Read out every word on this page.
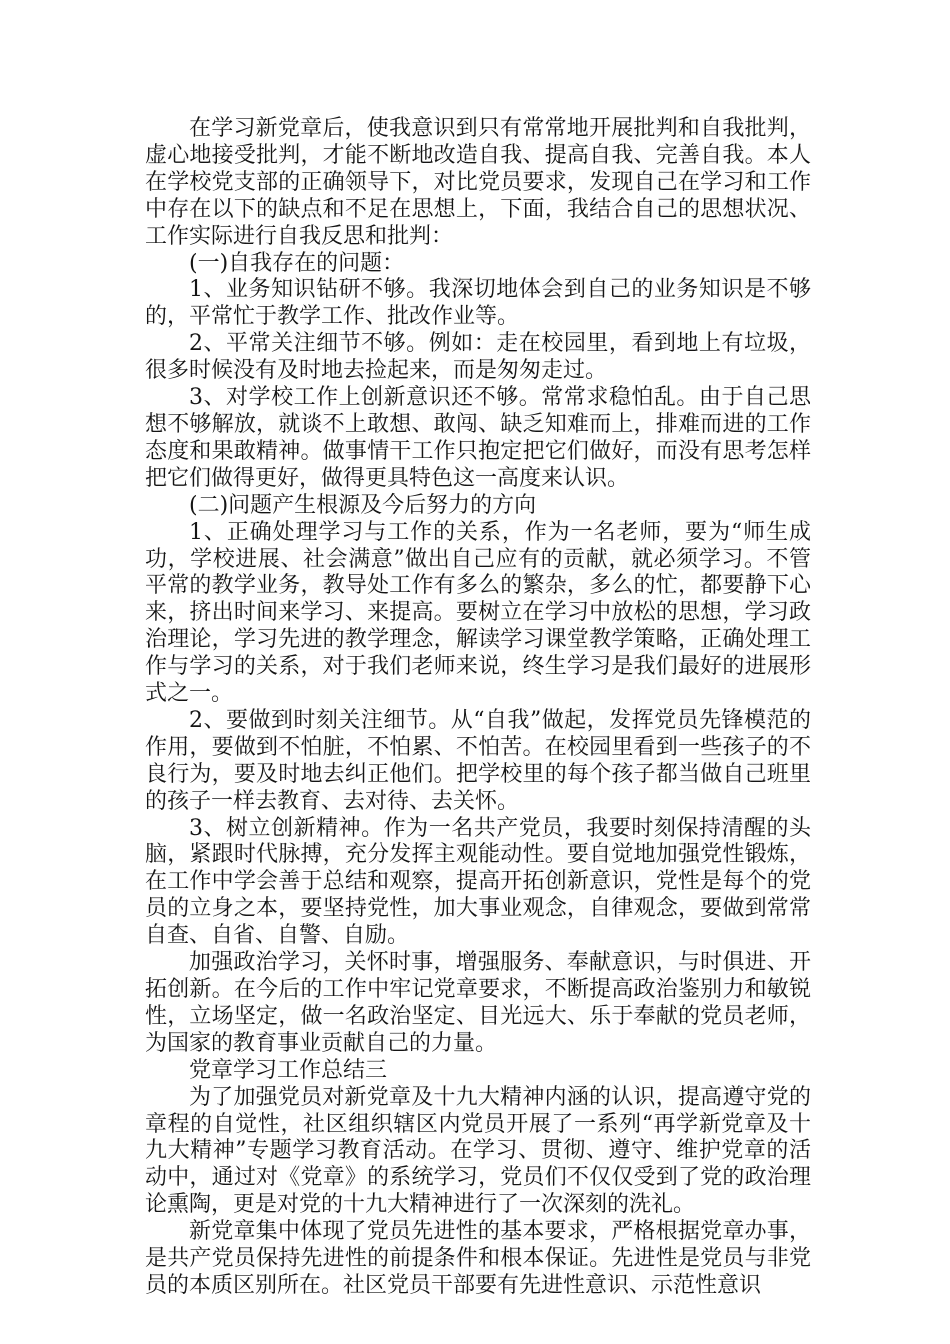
在学习新党章后，使我意识到只有常常地开展批判和自我批判，虚心地接受批判，才能不断地改造自我、提高自我、完善自我。本人在学校党支部的正确领导下，对比党员要求，发现自己在学习和工作中存在以下的缺点和不足在思想上，下面，我结合自己的思想状况、工作实际进行自我反思和批判：

(一)自我存在的问题：

1、业务知识钻研不够。我深切地体会到自己的业务知识是不够的，平常忙于教学工作、批改作业等。

2、平常关注细节不够。例如：走在校园里，看到地上有垃圾，很多时候没有及时地去捡起来，而是匆匆走过。

3、对学校工作上创新意识还不够。常常求稳怕乱。由于自己思想不够解放，就谈不上敢想、敢闯、缺乏知难而上，排难而进的工作态度和果敢精神。做事情干工作只抱定把它们做好，而没有思考怎样把它们做得更好，做得更具特色这一高度来认识。

(二)问题产生根源及今后努力的方向

1、正确处理学习与工作的关系，作为一名老师，要为“师生成功，学校进展、社会满意”做出自己应有的贡献，就必须学习。不管平常的教学业务，教导处工作有多么的繁杂，多么的忙，都要静下心来，挤出时间来学习、来提高。要树立在学习中放松的思想，学习政治理论，学习先进的教学理念，解读学习课堂教学策略，正确处理工作与学习的关系，对于我们老师来说，终生学习是我们最好的进展形式之一。

2、要做到时刻关注细节。从“自我”做起，发挥党员先锋模范的作用，要做到不怕脏，不怕累、不怕苦。在校园里看到一些孩子的不良行为，要及时地去纠正他们。把学校里的每个孩子都当做自己班里的孩子一样去教育、去对待、去关怀。

3、树立创新精神。作为一名共产党员，我要时刻保持清醒的头脑，紧跟时代脉搏，充分发挥主观能动性。要自觉地加强党性锻炼，在工作中学会善于总结和观察，提高开拓创新意识，党性是每个的党员的立身之本，要坚持党性，加大事业观念，自律观念，要做到常常自查、自省、自警、自励。

加强政治学习，关怀时事，增强服务、奉献意识，与时俱进、开拓创新。在今后的工作中牢记党章要求，不断提高政治鉴别力和敏锐性，立场坚定，做一名政治坚定、目光远大、乐于奉献的党员老师，为国家的教育事业贡献自己的力量。

党章学习工作总结三

为了加强党员对新党章及十九大精神内涵的认识，提高遵守党的章程的自觉性，社区组织辖区内党员开展了一系列“再学新党章及十九大精神”专题学习教育活动。在学习、贯彻、遵守、维护党章的活动中，通过对《党章》的系统学习，党员们不仅仅受到了党的政治理论熏陶，更是对党的十九大精神进行了一次深刻的洗礼。

新党章集中体现了党员先进性的基本要求，严格根据党章办事，是共产党员保持先进性的前提条件和根本保证。先进性是党员与非党员的本质区别所在。社区党员干部要有先进性意识、示范性意识
